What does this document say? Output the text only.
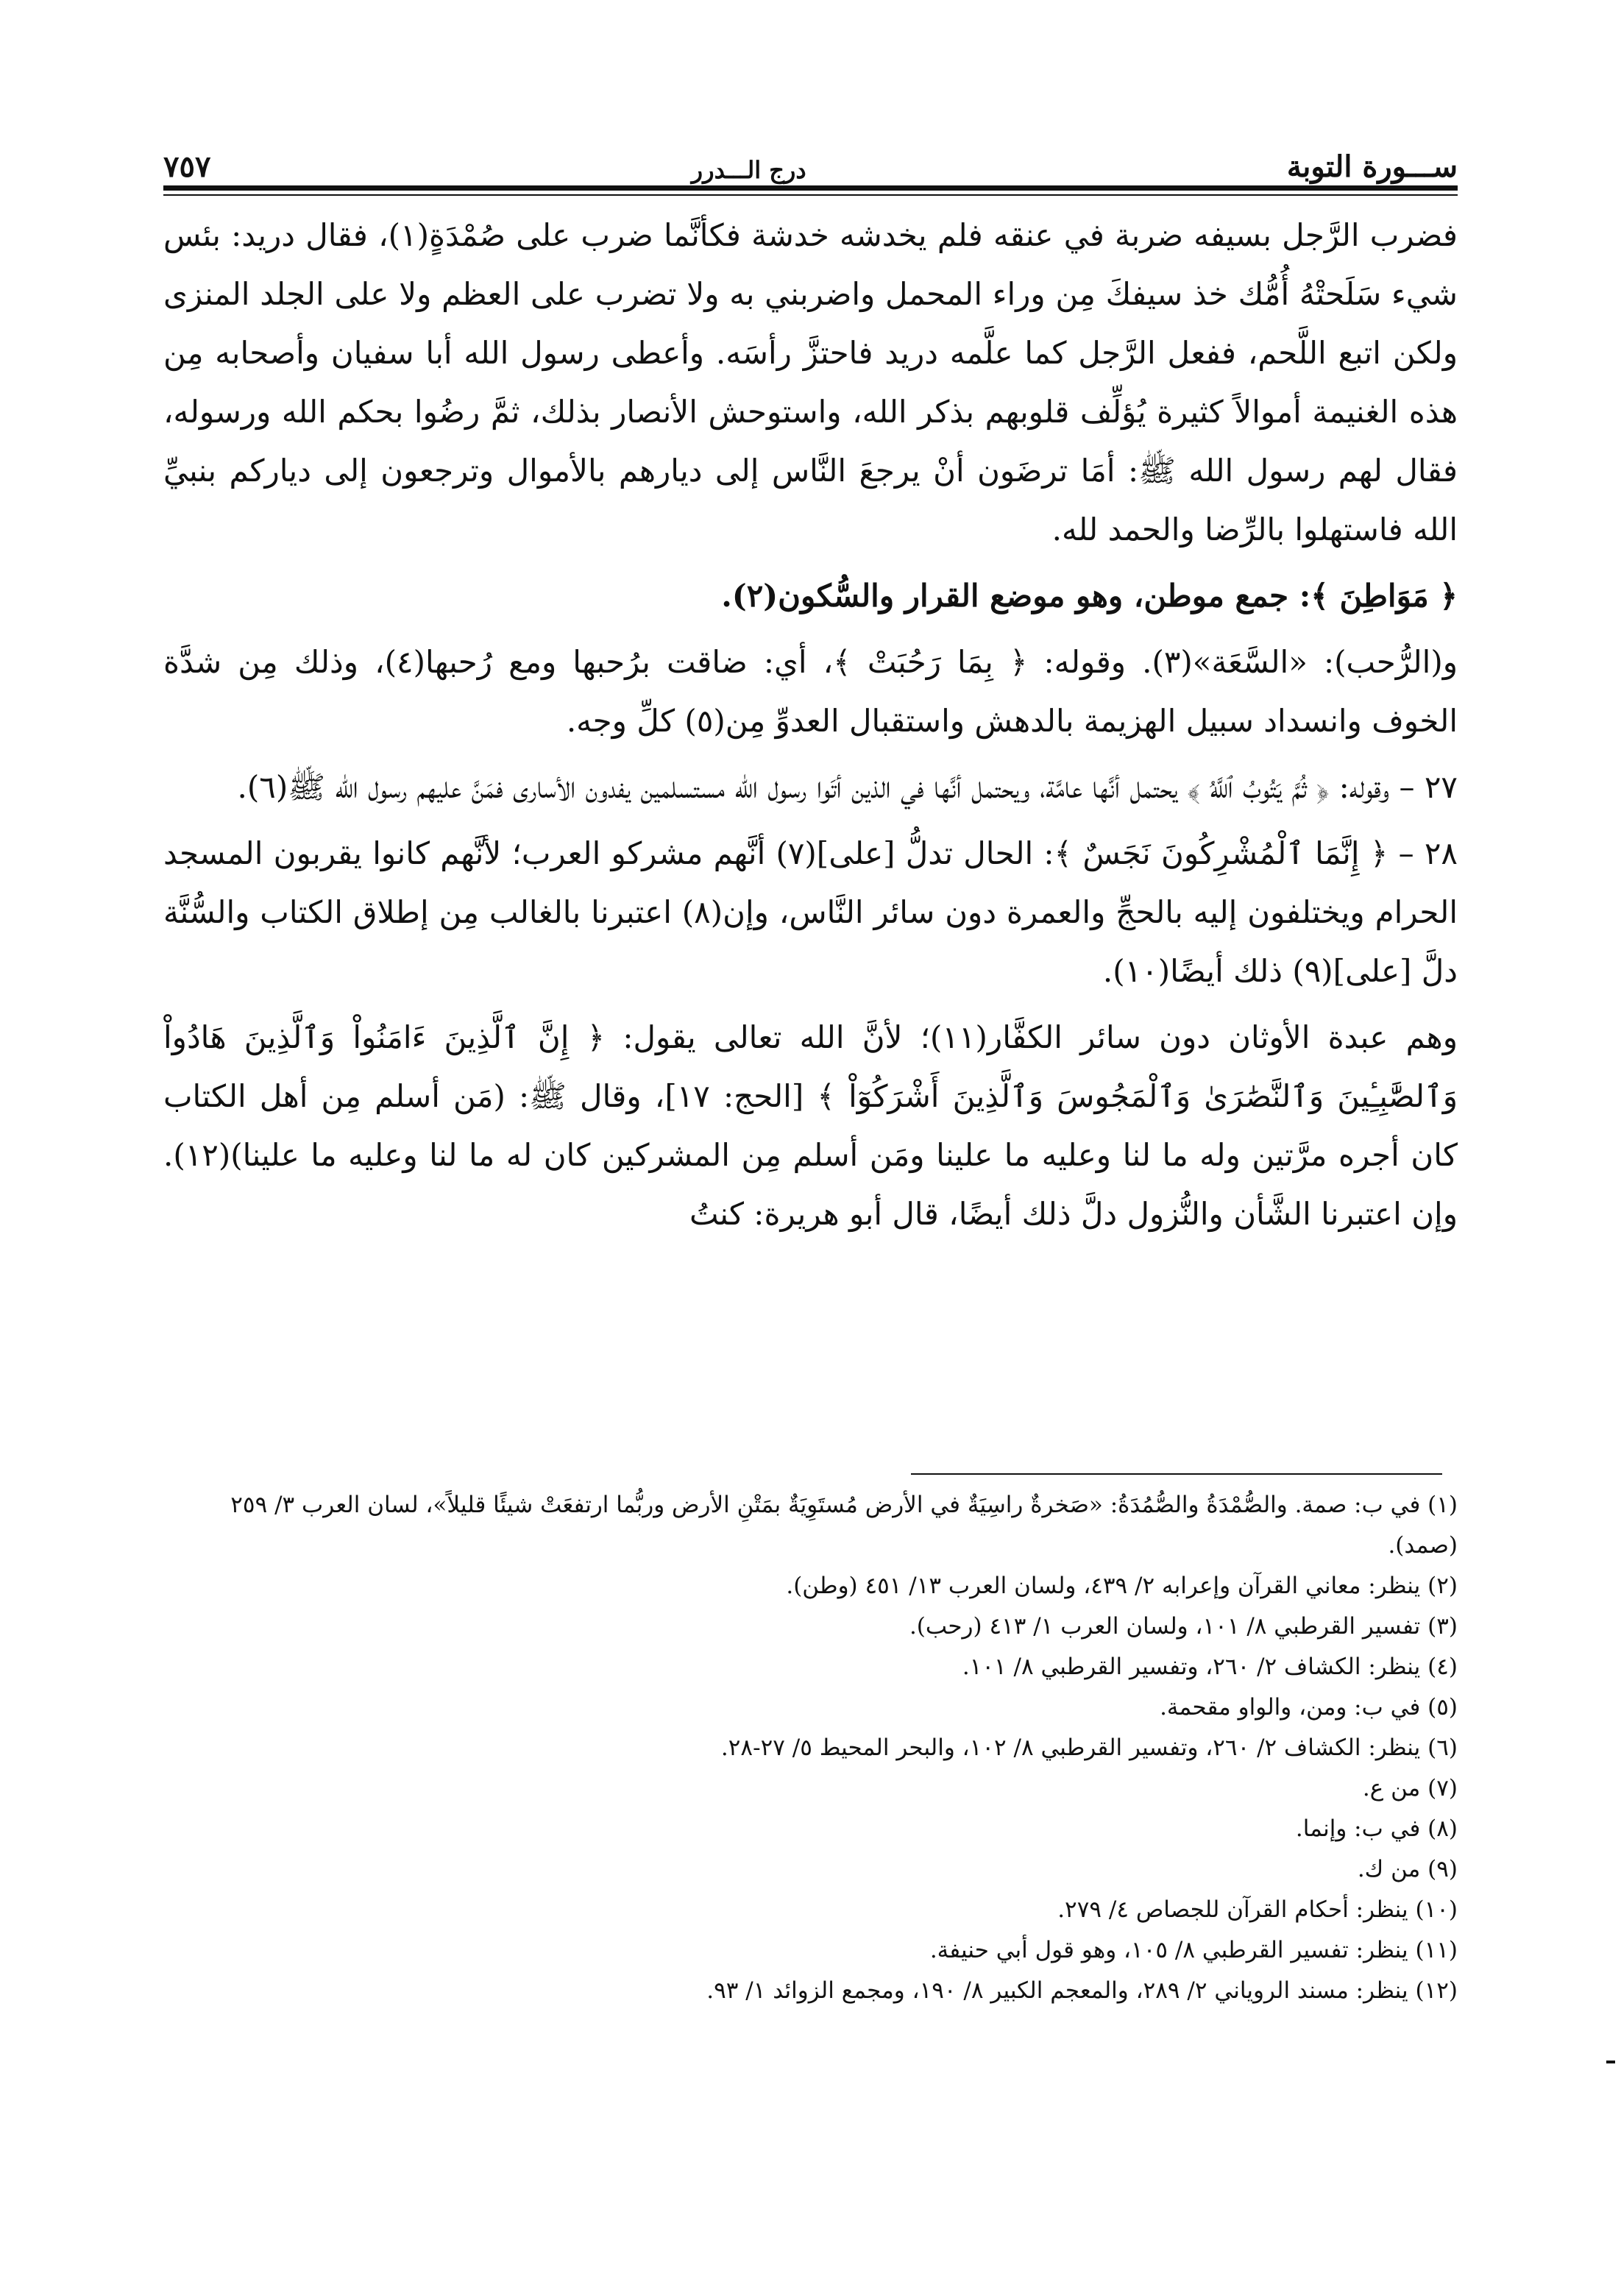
٧٥٧	درج الـــدرر	ســـورة التوبة

فضرب الرَّجل بسيفه ضربة في عنقه فلم يخدشه خدشة فكأنَّما ضرب على صُمْدَةٍ(١)، فقال دريد: بئس شيء سَلَحتْهُ أُمُّك خذ سيفكَ مِن وراء المحمل واضربني به ولا تضرب على العظم ولا على الجلد المنزى ولكن اتبع اللَّحم، ففعل الرَّجل كما علَّمه دريد فاحتزَّ رأسَه. وأعطى رسول الله أبا سفيان وأصحابه مِن هذه الغنيمة أموالاً كثيرة يُؤلِّف قلوبهم بذكر الله، واستوحش الأنصار بذلك، ثمَّ رضُوا بحكم الله ورسوله، فقال لهم رسول الله ﷺ: أمَا ترضَون أنْ يرجعَ النَّاس إلى ديارهم بالأموال وترجعون إلى دياركم بنبيِّ الله فاستهلوا بالرِّضا والحمد لله.

﴿ مَوَاطِنَ ﴾: جمع موطن، وهو موضع القرار والسُّكون(٢).

و(الرُّحب): «السَّعَة»(٣). وقوله: ﴿ بِمَا رَحُبَتْ ﴾، أي: ضاقت برُحبها ومع رُحبها(٤)، وذلك مِن شدَّة الخوف وانسداد سبيل الهزيمة بالدهش واستقبال العدوِّ مِن(٥) كلِّ وجه.

٢٧ – وقوله: ﴿ ثُمَّ يَتُوبُ ٱللَّهُ ﴾ يحتمل أنَّها عامَّة، ويحتمل أنَّها في الذين أتَوا رسول الله مستسلمين يفدون الأسارى فمَنَّ عليهم رسول الله ﷺ(٦).

٢٨ – ﴿ إِنَّمَا ٱلْمُشْرِكُونَ نَجَسٌ ﴾: الحال تدلُّ [على](٧) أنَّهم مشركو العرب؛ لأنَّهم كانوا يقربون المسجد الحرام ويختلفون إليه بالحجِّ والعمرة دون سائر النَّاس، وإن(٨) اعتبرنا بالغالب مِن إطلاق الكتاب والسُّنَّة دلَّ [على](٩) ذلك أيضًا(١٠).

وهم عبدة الأوثان دون سائر الكفَّار(١١)؛ لأنَّ الله تعالى يقول: ﴿ إِنَّ ٱلَّذِينَ ءَامَنُواْ وَٱلَّذِينَ هَادُواْ وَٱلصَّٰبِـِٔينَ وَٱلنَّصَٰرَىٰ وَٱلْمَجُوسَ وَٱلَّذِينَ أَشْرَكُوٓاْ ﴾ [الحج: ١٧]، وقال ﷺ: (مَن أسلم مِن أهل الكتاب كان أجره مرَّتين وله ما لنا وعليه ما علينا ومَن أسلم مِن المشركين كان له ما لنا وعليه ما علينا)(١٢). وإن اعتبرنا الشَّأن والنُّزول دلَّ ذلك أيضًا، قال أبو هريرة: كنتُ

(١) في ب: صمة. والصُّمْدَةُ والصُّمُدَةُ: «صَخرةٌ راسِيَةٌ في الأرض مُستَوِيَةٌ بمَتْنِ الأرض وربُّما ارتفعَتْ شيئًا قليلاً»، لسان العرب ٣/ ٢٥٩ (صمد).
(٢) ينظر: معاني القرآن وإعرابه ٢/ ٤٣٩، ولسان العرب ١٣/ ٤٥١ (وطن).
(٣) تفسير القرطبي ٨/ ١٠١، ولسان العرب ١/ ٤١٣ (رحب).
(٤) ينظر: الكشاف ٢/ ٢٦٠، وتفسير القرطبي ٨/ ١٠١.
(٥) في ب: ومن، والواو مقحمة.
(٦) ينظر: الكشاف ٢/ ٢٦٠، وتفسير القرطبي ٨/ ١٠٢، والبحر المحيط ٥/ ٢٧-٢٨.
(٧) من ع.
(٨) في ب: وإنما.
(٩) من ك.
(١٠) ينظر: أحكام القرآن للجصاص ٤/ ٢٧٩.
(١١) ينظر: تفسير القرطبي ٨/ ١٠٥، وهو قول أبي حنيفة.
(١٢) ينظر: مسند الروياني ٢/ ٢٨٩، والمعجم الكبير ٨/ ١٩٠، ومجمع الزوائد ١/ ٩٣.
